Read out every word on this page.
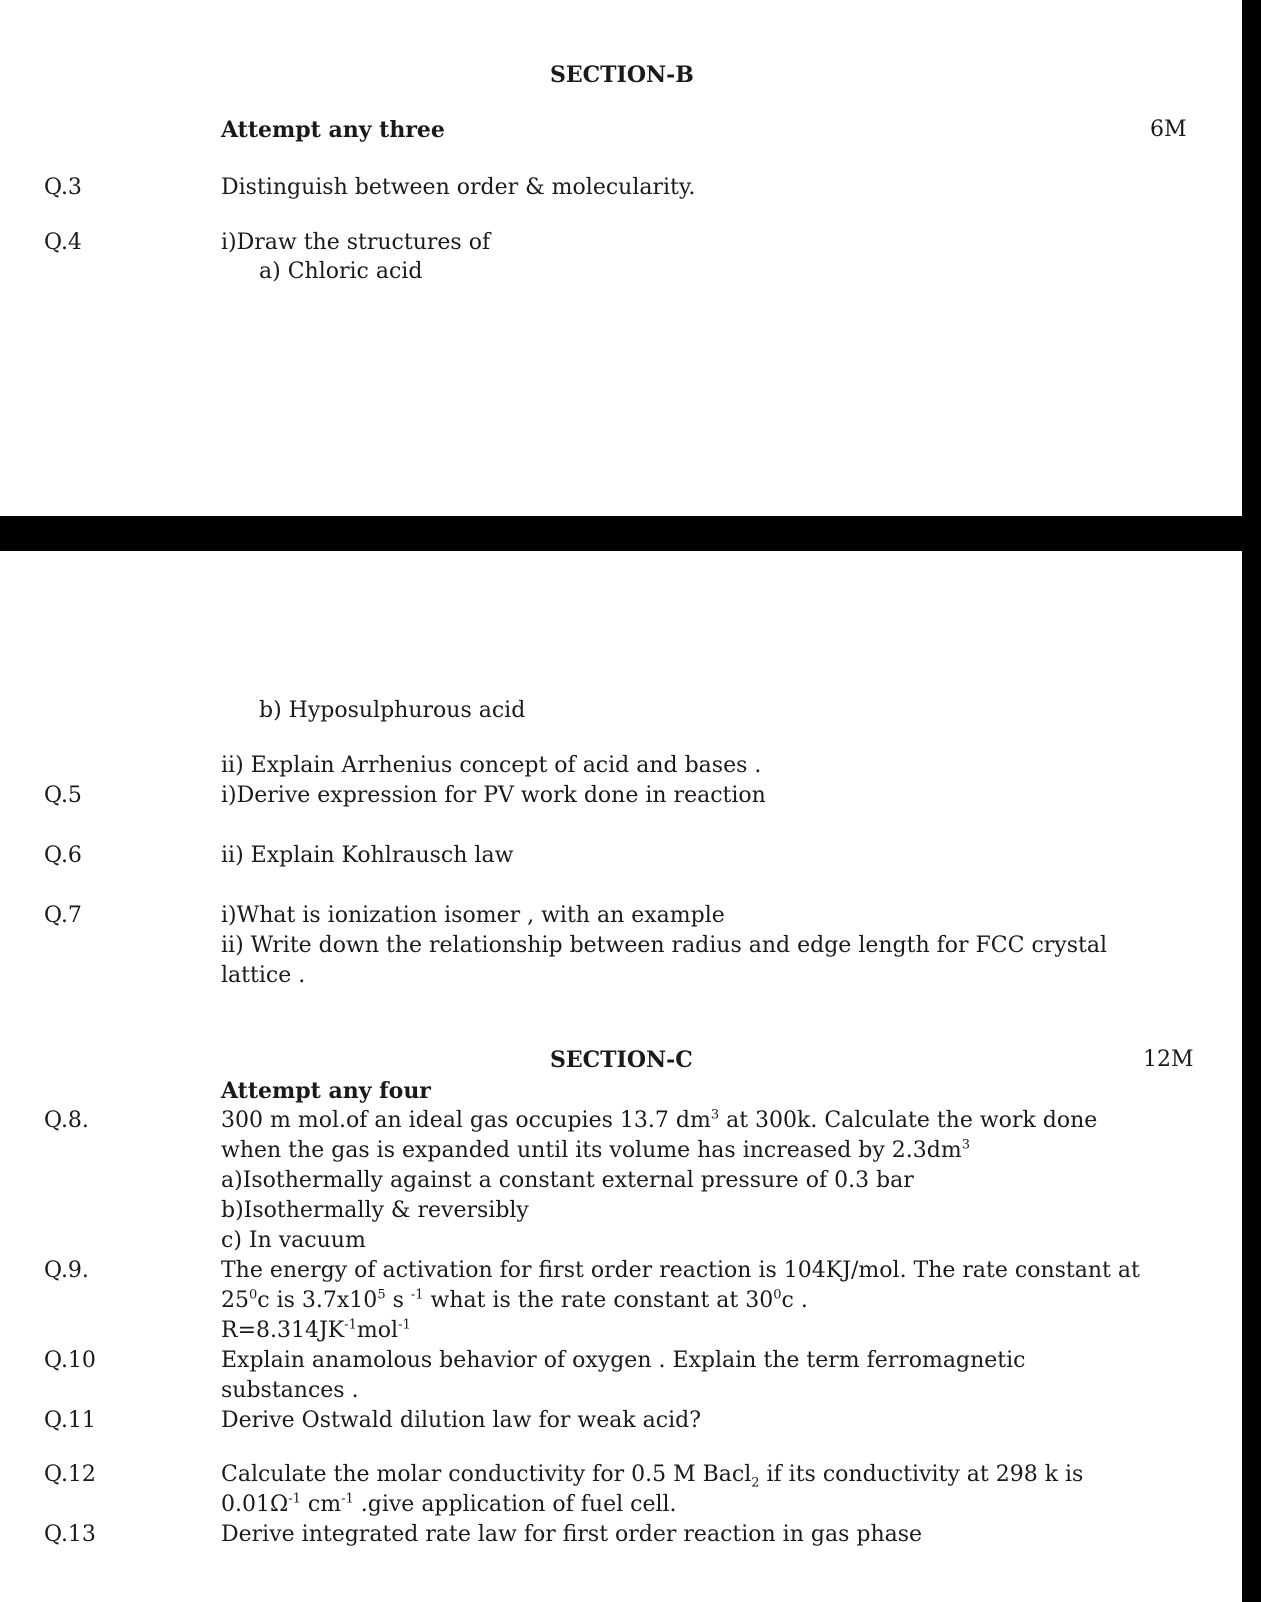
SECTION-B
Attempt any three	6M
Q.3	Distinguish between order & molecularity.
Q.4	i)Draw the structures of
a) Chloric acid
b) Hyposulphurous acid
ii) Explain Arrhenius concept of acid and bases .
Q.5	i)Derive expression for PV work done in reaction
Q.6	ii) Explain Kohlrausch law
Q.7	i)What is ionization isomer , with an example
ii) Write down the relationship between radius and edge length for FCC crystal
lattice .
SECTION-C	12M
Attempt any four
Q.8.	300 m mol.of an ideal gas occupies 13.7 $dm^3$ at 300k. Calculate the work done
when the gas is expanded until its volume has increased by $2.3dm^3$
a)Isothermally against a constant external pressure of 0.3 bar
b)Isothermally & reversibly
c) In vacuum
Q.9.	The energy of activation for first order reaction is 104KJ/mol. The rate constant at
$25^0c$ is $3.7x10^5$ s $^{-1}$ what is the rate constant at $30^0c$ .
$R=8.314JK^{-1}mol^{-1}$
Q.10	Explain anamolous behavior of oxygen . Explain the term ferromagnetic
substances .
Q.11	Derive Ostwald dilution law for weak acid?
Q.12	Calculate the molar conductivity for 0.5 M Bacl$_2$ if its conductivity at 298 k is
$0.01\Omega^{-1}$ $cm^{-1}$ .give application of fuel cell.
Q.13	Derive integrated rate law for first order reaction in gas phase
